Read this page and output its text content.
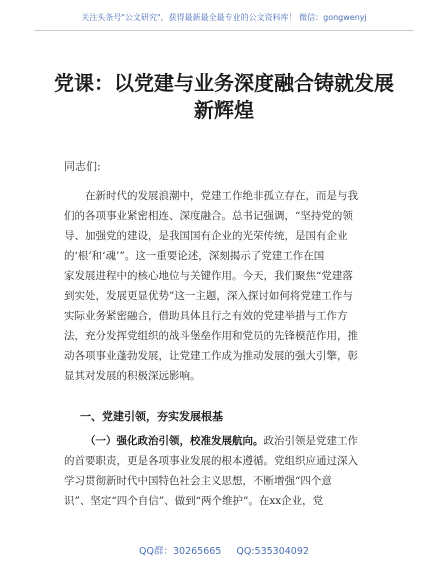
关注头条号"公文研究"，获得最新最全最专业的公文资料库！ 微信：gongwenyj
党课：以党建与业务深度融合铸就发展
新辉煌
同志们:
在新时代的发展浪潮中，党建工作绝非孤立存在，而是与我
们的各项事业紧密相连、深度融合。总书记强调，“坚持党的领
导、加强党的建设，是我国国有企业的光荣传统，是国有企业
的‘根’和‘魂’”。这一重要论述，深刻揭示了党建工作在国
家发展进程中的核心地位与关键作用。今天，我们聚焦“党建落
到实处，发展更显优势”这一主题，深入探讨如何将党建工作与
实际业务紧密融合，借助具体且行之有效的党建举措与工作方
法，充分发挥党组织的战斗堡垒作用和党员的先锋模范作用，推
动各项事业蓬勃发展，让党建工作成为推动发展的强大引擎，彰
显其对发展的积极深远影响。
一、党建引领，夯实发展根基
（一）强化政治引领，校准发展航向。政治引领是党建工作
的首要职责，更是各项事业发展的根本遵循。党组织应通过深入
学习贯彻新时代中国特色社会主义思想，不断增强“四个意
识”、坚定“四个自信”、做到“两个维护”。在xx企业，党
QQ群：30265665 QQ:535304092
